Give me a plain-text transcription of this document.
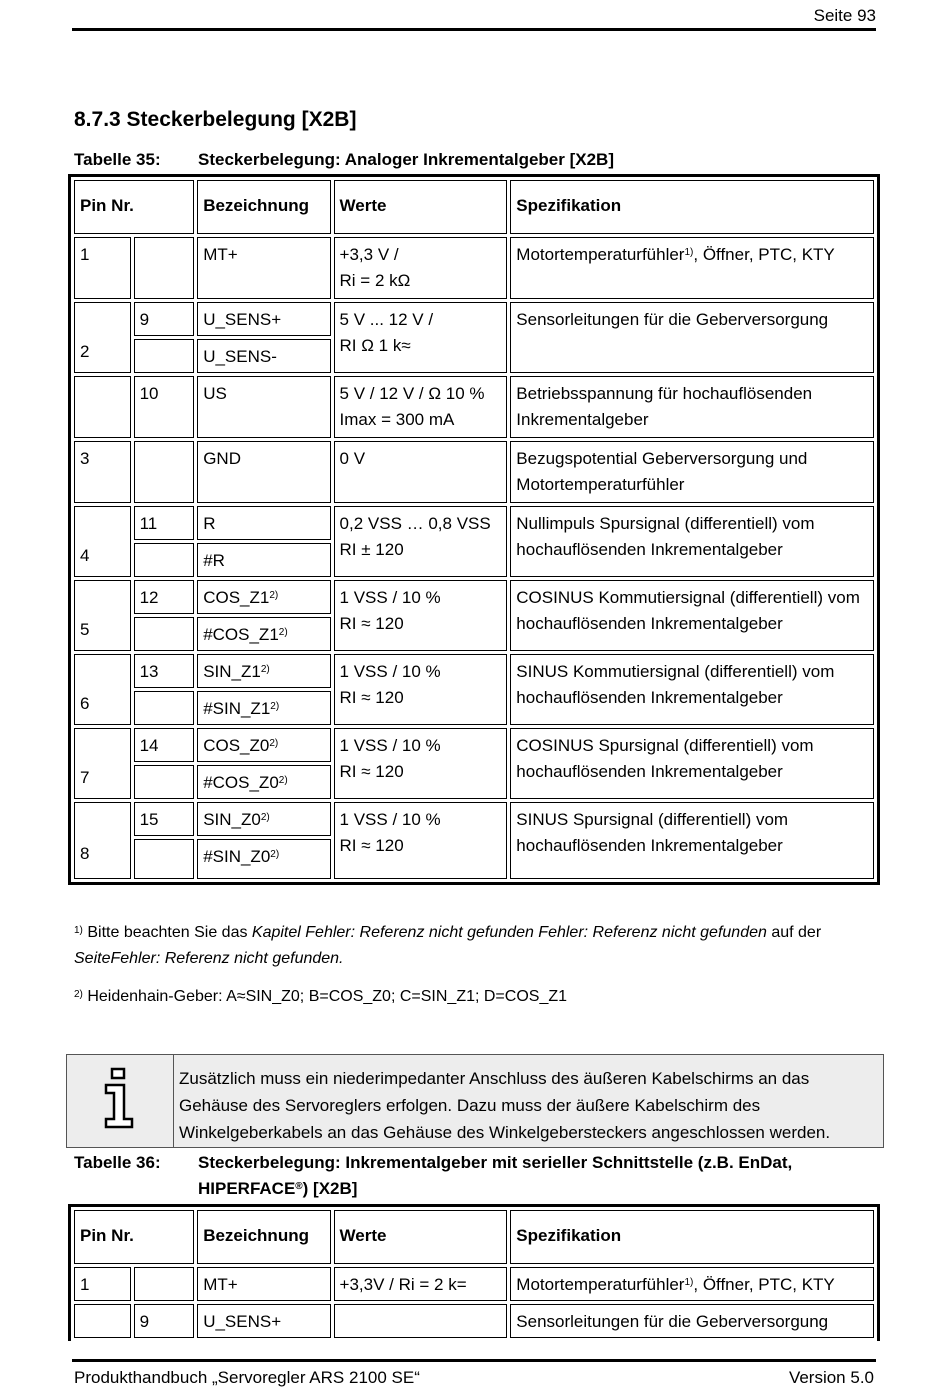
Seite 93
8.7.3 Steckerbelegung [X2B]
Tabelle 35: Steckerbelegung: Analoger Inkrementalgeber [X2B]
Pin Nr.		Bezeichnung	Werte	Spezifikation
1		MT+	+3,3 V /
Ri = 2 kΩ	Motortemperaturfühler$^{1)}$, Öffner, PTC, KTY

2	9	U_SENS+	5 V ... 12 V /
RI Ω 1 k≈	Sensorleitungen für die Geberversorgung
		U_SENS-		
	10	US	5 V / 12 V / Ω 10 %
Imax = 300 mA	Betriebsspannung für hochauflösenden Inkrementalgeber
3		GND	0 V	Bezugspotential Geberversorgung und Motortemperaturfühler

4	11	R	0,2 VSS … 0,8 VSS
RI ± 120	Nullimpuls Spursignal (differentiell) vom hochauflösenden Inkrementalgeber
		#R		

5	12	COS_Z1$^{2)}$	1 VSS / 10 %
RI ≈ 120	COSINUS Kommutiersignal (differentiell) vom hochauflösenden Inkrementalgeber
		#COS_Z1$^{2)}$

6	13	SIN_Z1$^{2)}$	1 VSS / 10 %
RI ≈ 120	SINUS Kommutiersignal (differentiell) vom hochauflösenden Inkrementalgeber
		#SIN_Z1$^{2)}$

7	14	COS_Z0$^{2)}$	1 VSS / 10 %
RI ≈ 120	COSINUS Spursignal (differentiell) vom hochauflösenden Inkrementalgeber
		#COS_Z0$^{2)}$

8	15	SIN_Z0$^{2)}$	1 VSS / 10 %
RI ≈ 120	SINUS Spursignal (differentiell) vom hochauflösenden Inkrementalgeber
		#SIN_Z0$^{2)}$
$^{1)}$ Bitte beachten Sie das Kapitel Fehler: Referenz nicht gefunden Fehler: Referenz nicht gefunden auf der
SeiteFehler: Referenz nicht gefunden.
$^{2)}$ Heidenhain-Geber: A≈SIN_Z0; B=COS_Z0; C=SIN_Z1; D=COS_Z1
Zusätzlich muss ein niederimpedanter Anschluss des äußeren Kabelschirms an das Gehäuse des Servoreglers erfolgen. Dazu muss der äußere Kabelschirm des Winkelgeberkabels an das Gehäuse des Winkelgebersteckers angeschlossen werden.
Tabelle 36: Steckerbelegung: Inkrementalgeber mit serieller Schnittstelle (z.B. EnDat, HIPERFACE®) [X2B]
Pin Nr.		Bezeichnung	Werte	Spezifikation
1		MT+	+3,3V / Ri = 2 k=	Motortemperaturfühler$^{1)}$, Öffner, PTC, KTY
	9	U_SENS+		Sensorleitungen für die Geberversorgung
Produkthandbuch „Servoregler ARS 2100 SE“	Version 5.0
